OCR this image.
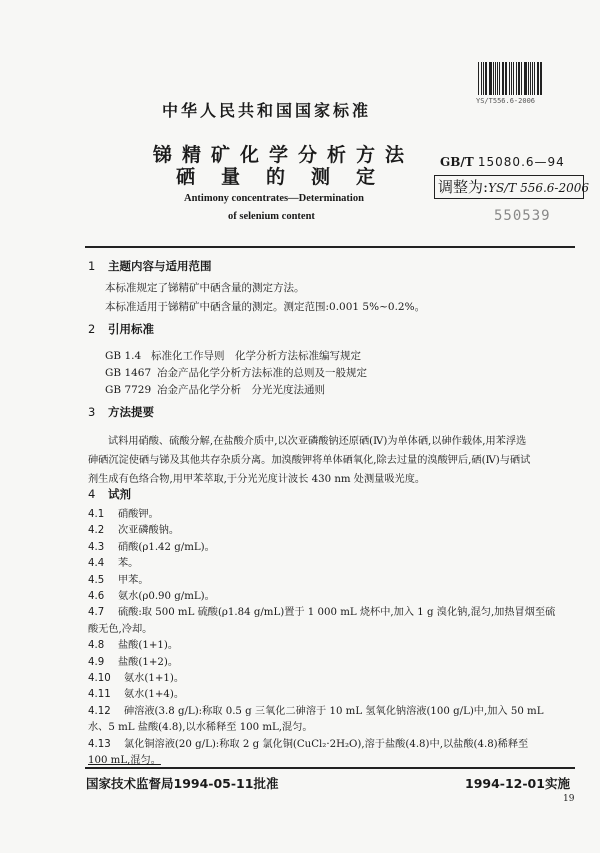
YS/T556.6-2006
中华人民共和国国家标准
锑精矿化学分析方法
硒量的测定
Antimony concentrates—Determination
of selenium content
GB/T 15080.6—94
调整为:YS/T 556.6-2006
550539
1 主题内容与适用范围
本标准规定了锑精矿中硒含量的测定方法。
本标准适用于锑精矿中硒含量的测定。测定范围:0.001 5%~0.2%。
2 引用标准
GB 1.4 标准化工作导则　化学分析方法标准编写规定
GB 1467 冶金产品化学分析方法标准的总则及一般规定
GB 7729 冶金产品化学分析　分光光度法通则
3 方法提要
试料用硝酸、硫酸分解,在盐酸介质中,以次亚磷酸钠还原硒(Ⅳ)为单体硒,以砷作载体,用苯浮选
砷硒沉淀使硒与锑及其他共存杂质分离。加溴酸钾将单体硒氧化,除去过量的溴酸钾后,硒(Ⅳ)与硒试
剂生成有色络合物,用甲苯萃取,于分光光度计波长 430 nm 处测量吸光度。
4 试剂
4.1 硝酸钾。
4.2 次亚磷酸钠。
4.3 硝酸(ρ1.42 g/mL)。
4.4 苯。
4.5 甲苯。
4.6 氨水(ρ0.90 g/mL)。
4.7 硫酸:取 500 mL 硫酸(ρ1.84 g/mL)置于 1 000 mL 烧杯中,加入 1 g 溴化钠,混匀,加热冒烟至硫
酸无色,冷却。
4.8 盐酸(1+1)。
4.9 盐酸(1+2)。
4.10 氨水(1+1)。
4.11 氨水(1+4)。
4.12 砷溶液(3.8 g/L):称取 0.5 g 三氧化二砷溶于 10 mL 氢氧化钠溶液(100 g/L)中,加入 50 mL
水、5 mL 盐酸(4.8),以水稀释至 100 mL,混匀。
4.13 氯化铜溶液(20 g/L):称取 2 g 氯化铜(CuCl₂·2H₂O),溶于盐酸(4.8)中,以盐酸(4.8)稀释至
100 mL,混匀。
国家技术监督局1994-05-11批准	1994-12-01实施
19
